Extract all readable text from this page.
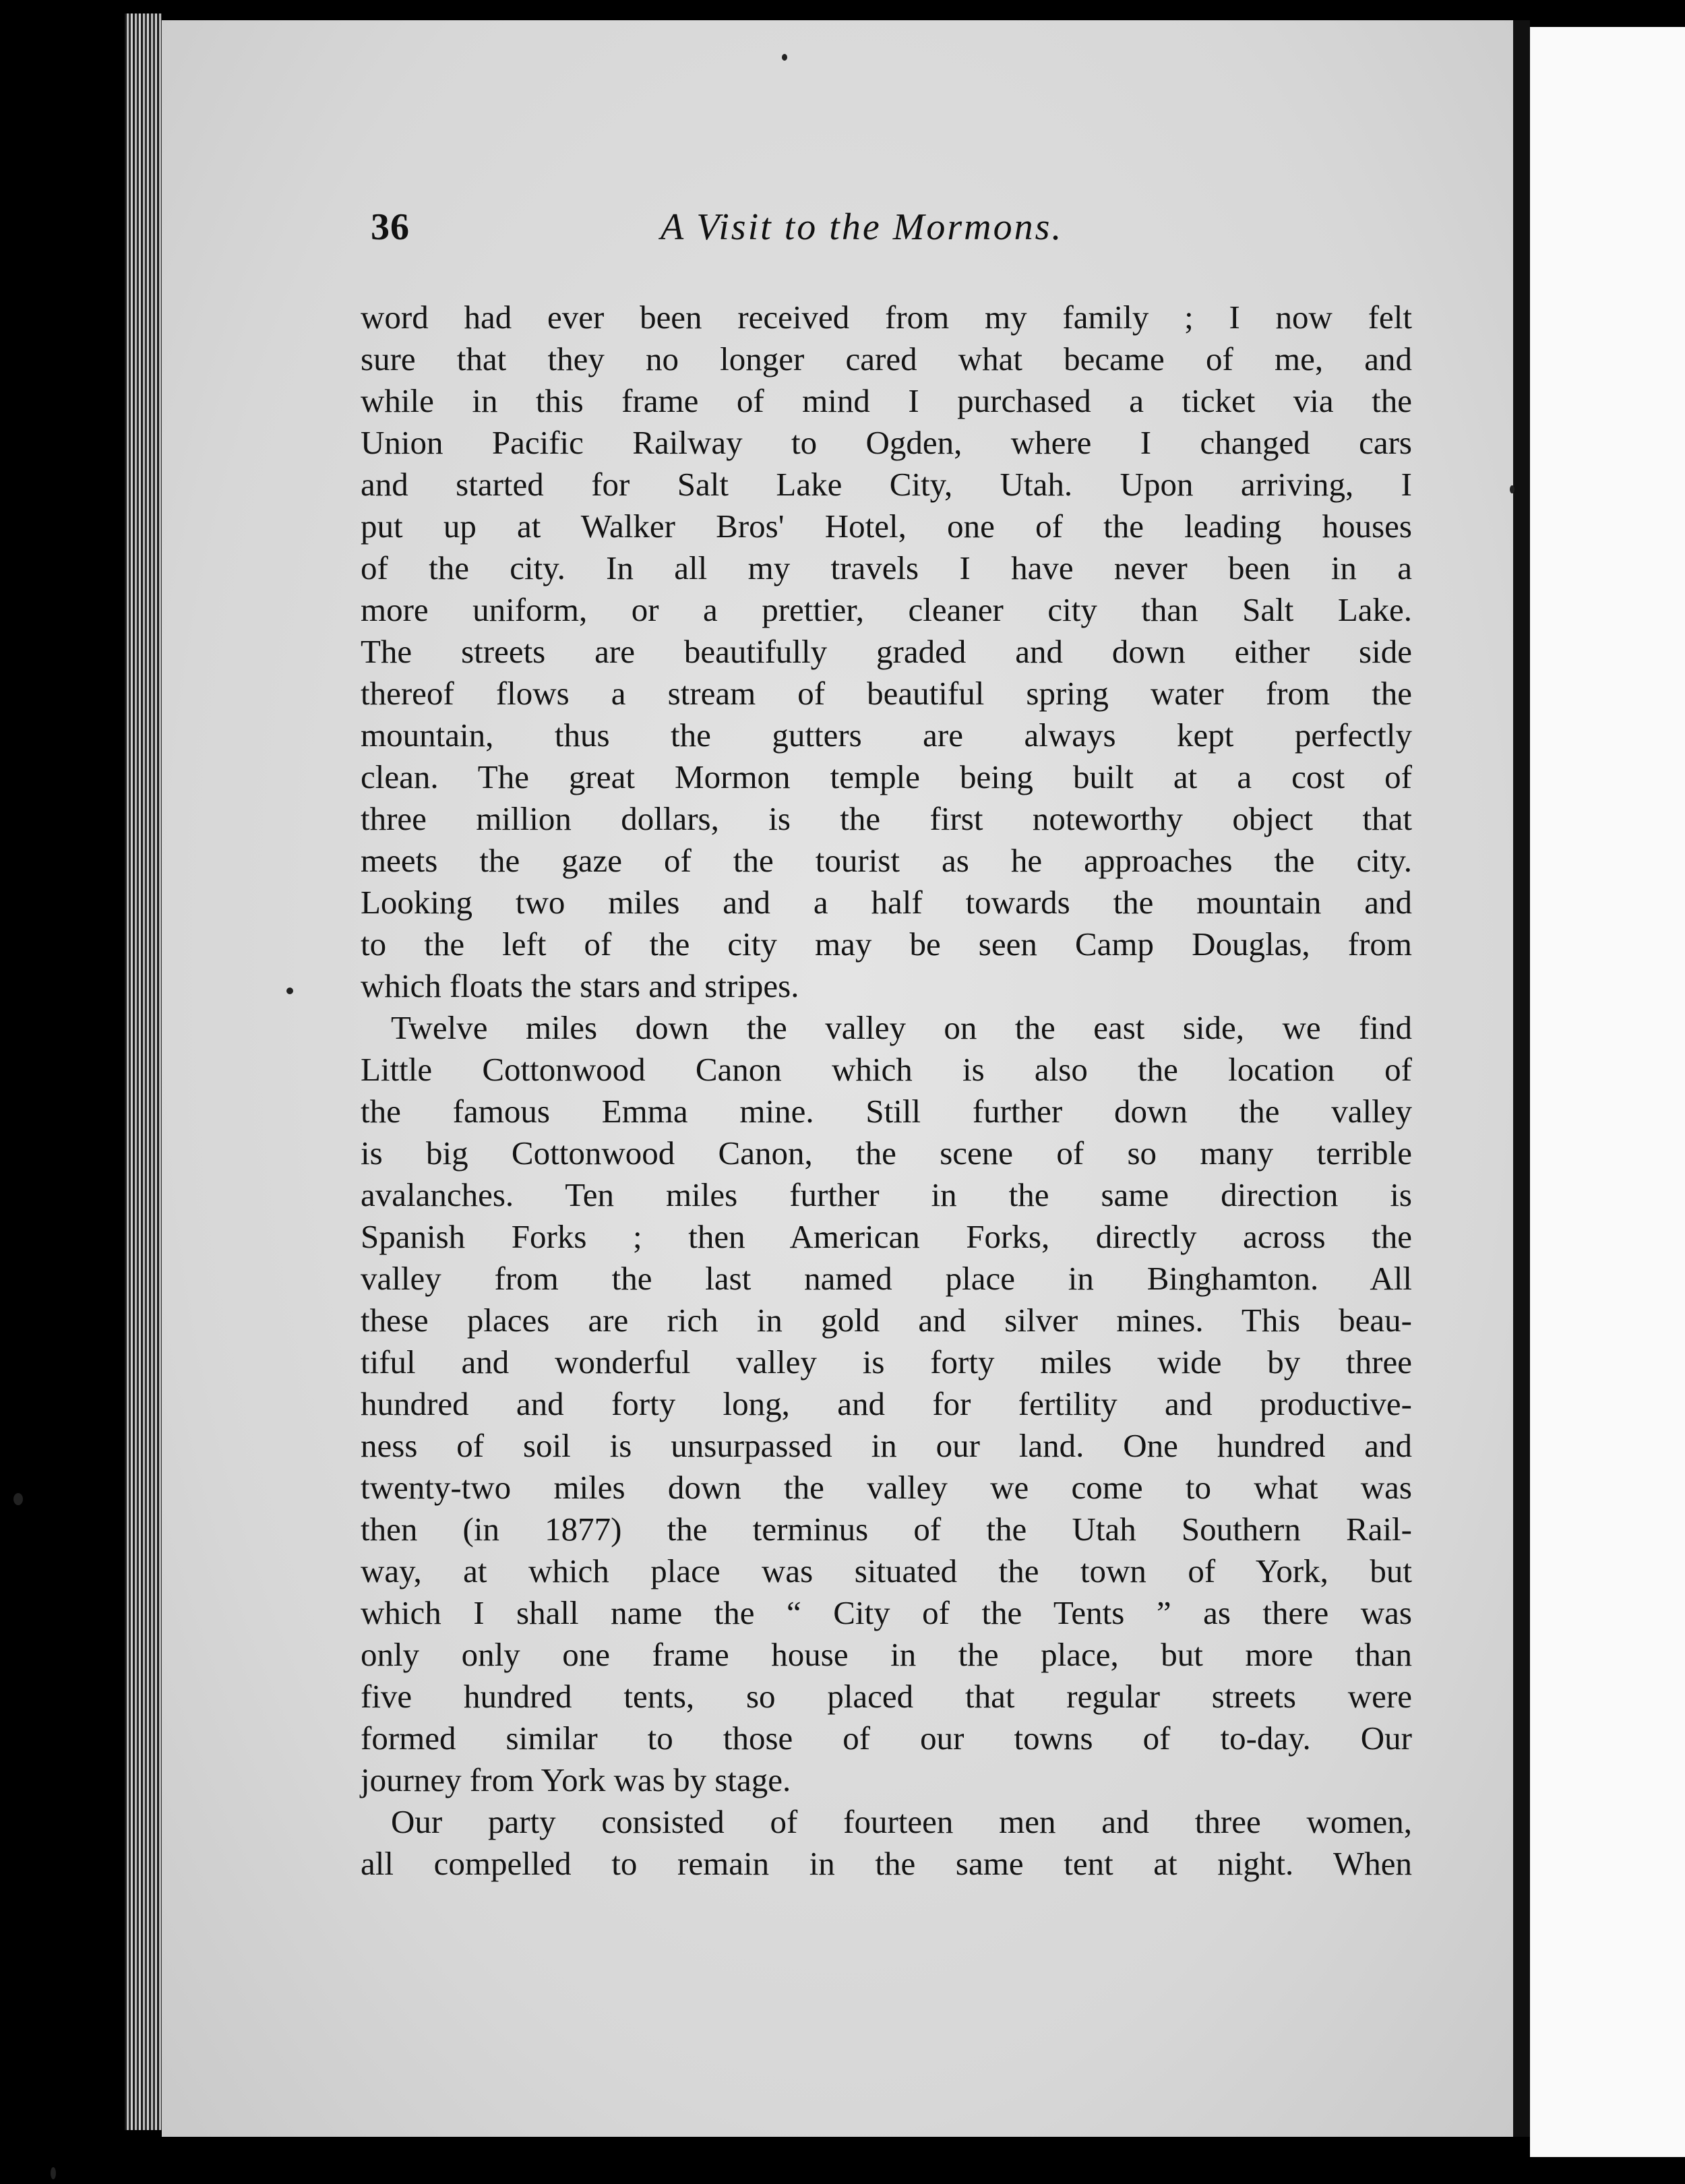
36	A Visit to the Mormons.
word had ever been received from my family ; I now felt
sure that they no longer cared what became of me, and
while in this frame of mind I purchased a ticket via the
Union Pacific Railway to Ogden, where I changed cars
and started for Salt Lake City, Utah. Upon arriving, I
put up at Walker Bros' Hotel, one of the leading houses
of the city. In all my travels I have never been in a
more uniform, or a prettier, cleaner city than Salt Lake.
The streets are beautifully graded and down either side
thereof flows a stream of beautiful spring water from the
mountain, thus the gutters are always kept perfectly
clean. The great Mormon temple being built at a cost of
three million dollars, is the first noteworthy object that
meets the gaze of the tourist as he approaches the city.
Looking two miles and a half towards the mountain and
to the left of the city may be seen Camp Douglas, from
which floats the stars and stripes.
Twelve miles down the valley on the east side, we find
Little Cottonwood Canon which is also the location of
the famous Emma mine. Still further down the valley
is big Cottonwood Canon, the scene of so many terrible
avalanches. Ten miles further in the same direction is
Spanish Forks ; then American Forks, directly across the
valley from the last named place in Binghamton. All
these places are rich in gold and silver mines. This beau-
tiful and wonderful valley is forty miles wide by three
hundred and forty long, and for fertility and productive-
ness of soil is unsurpassed in our land. One hundred and
twenty-two miles down the valley we come to what was
then (in 1877) the terminus of the Utah Southern Rail-
way, at which place was situated the town of York, but
which I shall name the “ City of the Tents ” as there was
only only one frame house in the place, but more than
five hundred tents, so placed that regular streets were
formed similar to those of our towns of to-day. Our
journey from York was by stage.
Our party consisted of fourteen men and three women,
all compelled to remain in the same tent at night. When
